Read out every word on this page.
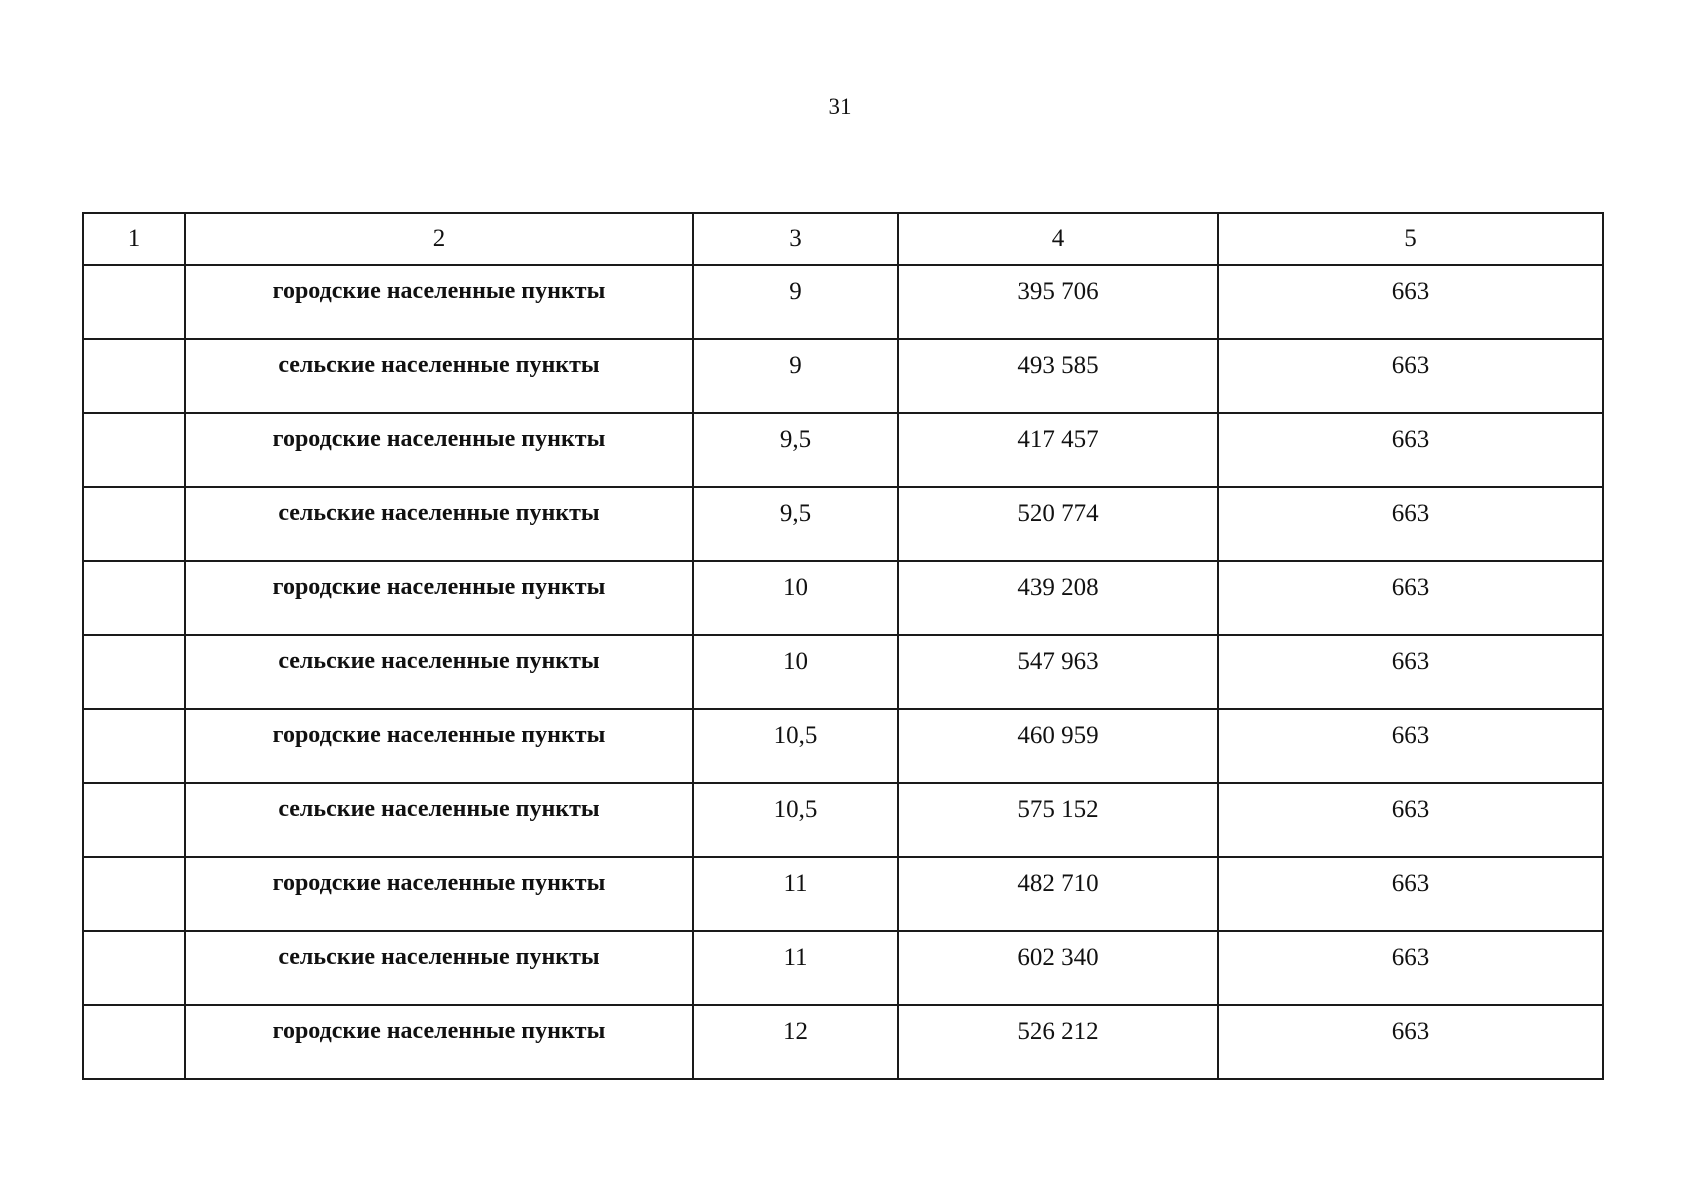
31
1	2	3	4	5
	городские населенные пункты	9	395 706	663
	сельские населенные пункты	9	493 585	663
	городские населенные пункты	9,5	417 457	663
	сельские населенные пункты	9,5	520 774	663
	городские населенные пункты	10	439 208	663
	сельские населенные пункты	10	547 963	663
	городские населенные пункты	10,5	460 959	663
	сельские населенные пункты	10,5	575 152	663
	городские населенные пункты	11	482 710	663
	сельские населенные пункты	11	602 340	663
	городские населенные пункты	12	526 212	663
